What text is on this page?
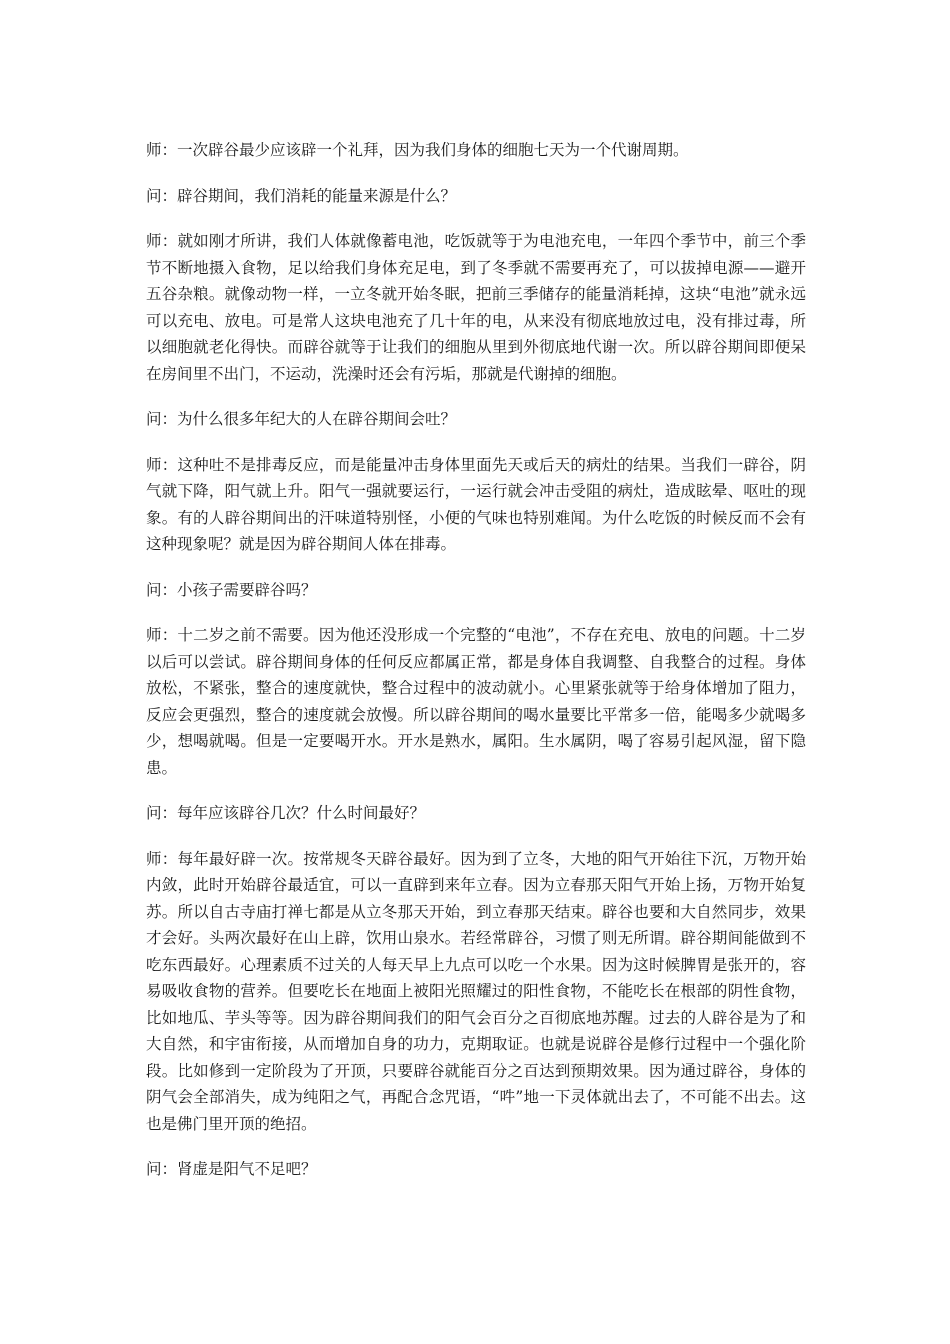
师：一次辟谷最少应该辟一个礼拜，因为我们身体的细胞七天为一个代谢周期。

问：辟谷期间，我们消耗的能量来源是什么？

师：就如刚才所讲，我们人体就像蓄电池，吃饭就等于为电池充电，一年四个季节中，前三个季节不断地摄入食物，足以给我们身体充足电，到了冬季就不需要再充了，可以拔掉电源——避开五谷杂粮。就像动物一样，一立冬就开始冬眠，把前三季储存的能量消耗掉，这块“电池”就永远可以充电、放电。可是常人这块电池充了几十年的电，从来没有彻底地放过电，没有排过毒，所以细胞就老化得快。而辟谷就等于让我们的细胞从里到外彻底地代谢一次。所以辟谷期间即便呆在房间里不出门，不运动，洗澡时还会有污垢，那就是代谢掉的细胞。

问：为什么很多年纪大的人在辟谷期间会吐？

师：这种吐不是排毒反应，而是能量冲击身体里面先天或后天的病灶的结果。当我们一辟谷，阴气就下降，阳气就上升。阳气一强就要运行，一运行就会冲击受阻的病灶，造成眩晕、呕吐的现象。有的人辟谷期间出的汗味道特别怪，小便的气味也特别难闻。为什么吃饭的时候反而不会有这种现象呢？就是因为辟谷期间人体在排毒。

问：小孩子需要辟谷吗？

师：十二岁之前不需要。因为他还没形成一个完整的“电池”，不存在充电、放电的问题。十二岁以后可以尝试。辟谷期间身体的任何反应都属正常，都是身体自我调整、自我整合的过程。身体放松，不紧张，整合的速度就快，整合过程中的波动就小。心里紧张就等于给身体增加了阻力，反应会更强烈，整合的速度就会放慢。所以辟谷期间的喝水量要比平常多一倍，能喝多少就喝多少，想喝就喝。但是一定要喝开水。开水是熟水，属阳。生水属阴，喝了容易引起风湿，留下隐患。

问：每年应该辟谷几次？什么时间最好？

师：每年最好辟一次。按常规冬天辟谷最好。因为到了立冬，大地的阳气开始往下沉，万物开始内敛，此时开始辟谷最适宜，可以一直辟到来年立春。因为立春那天阳气开始上扬，万物开始复苏。所以自古寺庙打禅七都是从立冬那天开始，到立春那天结束。辟谷也要和大自然同步，效果才会好。头两次最好在山上辟，饮用山泉水。若经常辟谷，习惯了则无所谓。辟谷期间能做到不吃东西最好。心理素质不过关的人每天早上九点可以吃一个水果。因为这时候脾胃是张开的，容易吸收食物的营养。但要吃长在地面上被阳光照耀过的阳性食物，不能吃长在根部的阴性食物，比如地瓜、芋头等等。因为辟谷期间我们的阳气会百分之百彻底地苏醒。过去的人辟谷是为了和大自然，和宇宙衔接，从而增加自身的功力，克期取证。也就是说辟谷是修行过程中一个强化阶段。比如修到一定阶段为了开顶，只要辟谷就能百分之百达到预期效果。因为通过辟谷，身体的阴气会全部消失，成为纯阳之气，再配合念咒语，“吽”地一下灵体就出去了，不可能不出去。这也是佛门里开顶的绝招。

问：肾虚是阳气不足吧？
